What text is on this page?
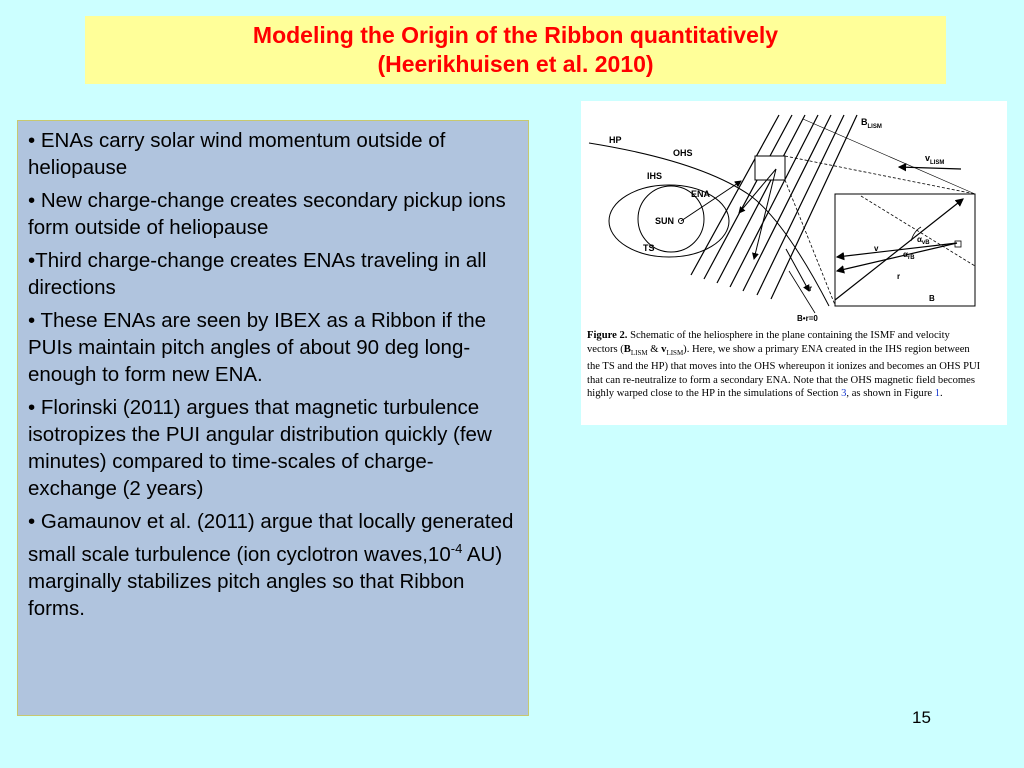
Modeling the Origin of the Ribbon quantitatively
(Heerikhuisen et al. 2010)

• ENAs carry solar wind momentum outside of heliopause

• New charge-change creates secondary pickup ions form outside of heliopause

•Third charge-change creates ENAs traveling in all directions

• These ENAs are seen by IBEX as a Ribbon if the PUIs maintain pitch angles of about 90 deg long-enough to form new ENA.

• Florinski (2011) argues that magnetic turbulence isotropizes the PUI angular distribution quickly (few minutes) compared to time-scales of charge-exchange (2 years)

• Gamaunov et al. (2011) argue that locally generated small scale turbulence (ion cyclotron $waves,10^{-4}$ AU) marginally stabilizes pitch angles so that Ribbon forms.

HP
OHS
IHS
SUN
TS
ENA
$B_{LISM}$
$v_{LISM}$
r
v
$\alpha_{vB}$
$\alpha_{rB}$
r
B
B•r=0
Figure 2. Schematic of the heliosphere in the plane containing the ISMF and velocity vectors ($B_{LISM}$ & $v_{LISM}$). Here, we show a primary ENA created in the IHS region between the TS and the HP) that moves into the OHS whereupon it ionizes and becomes an OHS PUI that can re-neutralize to form a secondary ENA. Note that the OHS magnetic field becomes highly warped close to the HP in the simulations of Section 3, as shown in Figure 1.
15
